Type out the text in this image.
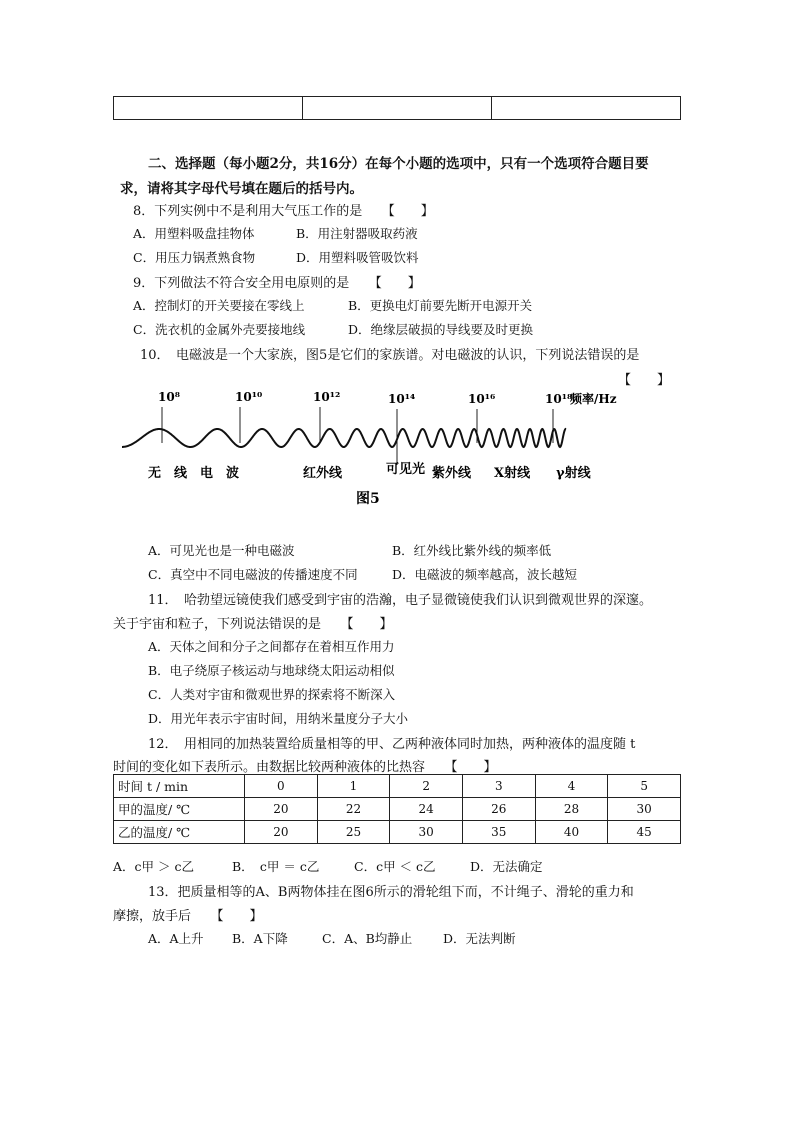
二、选择题（每小题2分，共16分）在每个小题的选项中，只有一个选项符合题目要
求，请将其字母代号填在题后的括号内。
8．下列实例中不是利用大气压工作的是　　【　　】
A．用塑料吸盘挂物体	B．用注射器吸取药液
C．用压力锅煮熟食物	D．用塑料吸管吸饮料
9．下列做法不符合安全用电原则的是　　【　　】
A．控制灯的开关要接在零线上	B．更换电灯前要先断开电源开关
C．洗衣机的金属外壳要接地线	D．绝缘层破损的导线要及时更换
10．　电磁波是一个大家族，图5是它们的家族谱。对电磁波的认识，下列说法错误的是
【　　】
10⁸	10¹⁰	10¹²	10¹⁴	10¹⁶	10¹⁸
频率/Hz
无　线　电　波	红外线	可见光 紫外线 X射线 γ射线
图5
A．可见光也是一种电磁波	B．红外线比紫外线的频率低
C．真空中不同电磁波的传播速度不同	D．电磁波的频率越高，波长越短
11．　哈勃望远镜使我们感受到宇宙的浩瀚，电子显微镜使我们认识到微观世界的深邃。
关于宇宙和粒子，下列说法错误的是　　【　　】
A．天体之间和分子之间都存在着相互作用力
B．电子绕原子核运动与地球绕太阳运动相似
C．人类对宇宙和微观世界的探索将不断深入
D．用光年表示宇宙时间，用纳米量度分子大小
12．　用相同的加热装置给质量相等的甲、乙两种液体同时加热，两种液体的温度随 t
时间的变化如下表所示。由数据比较两种液体的比热容　　【　　】
时间 t / min	0	1	2	3	4	5
甲的温度/ ℃	20	22	24	26	28	30
乙的温度/ ℃	20	25	30	35	40	45
A．c甲 ＞ c乙	B．　c甲 ＝ c乙	C．c甲 ＜ c乙	D．无法确定
13．把质量相等的A、B两物体挂在图6所示的滑轮组下而，不计绳子、滑轮的重力和
摩擦，放手后　　【　　】
A．A上升 B．A下降	C．A、B均静止 D．无法判断
